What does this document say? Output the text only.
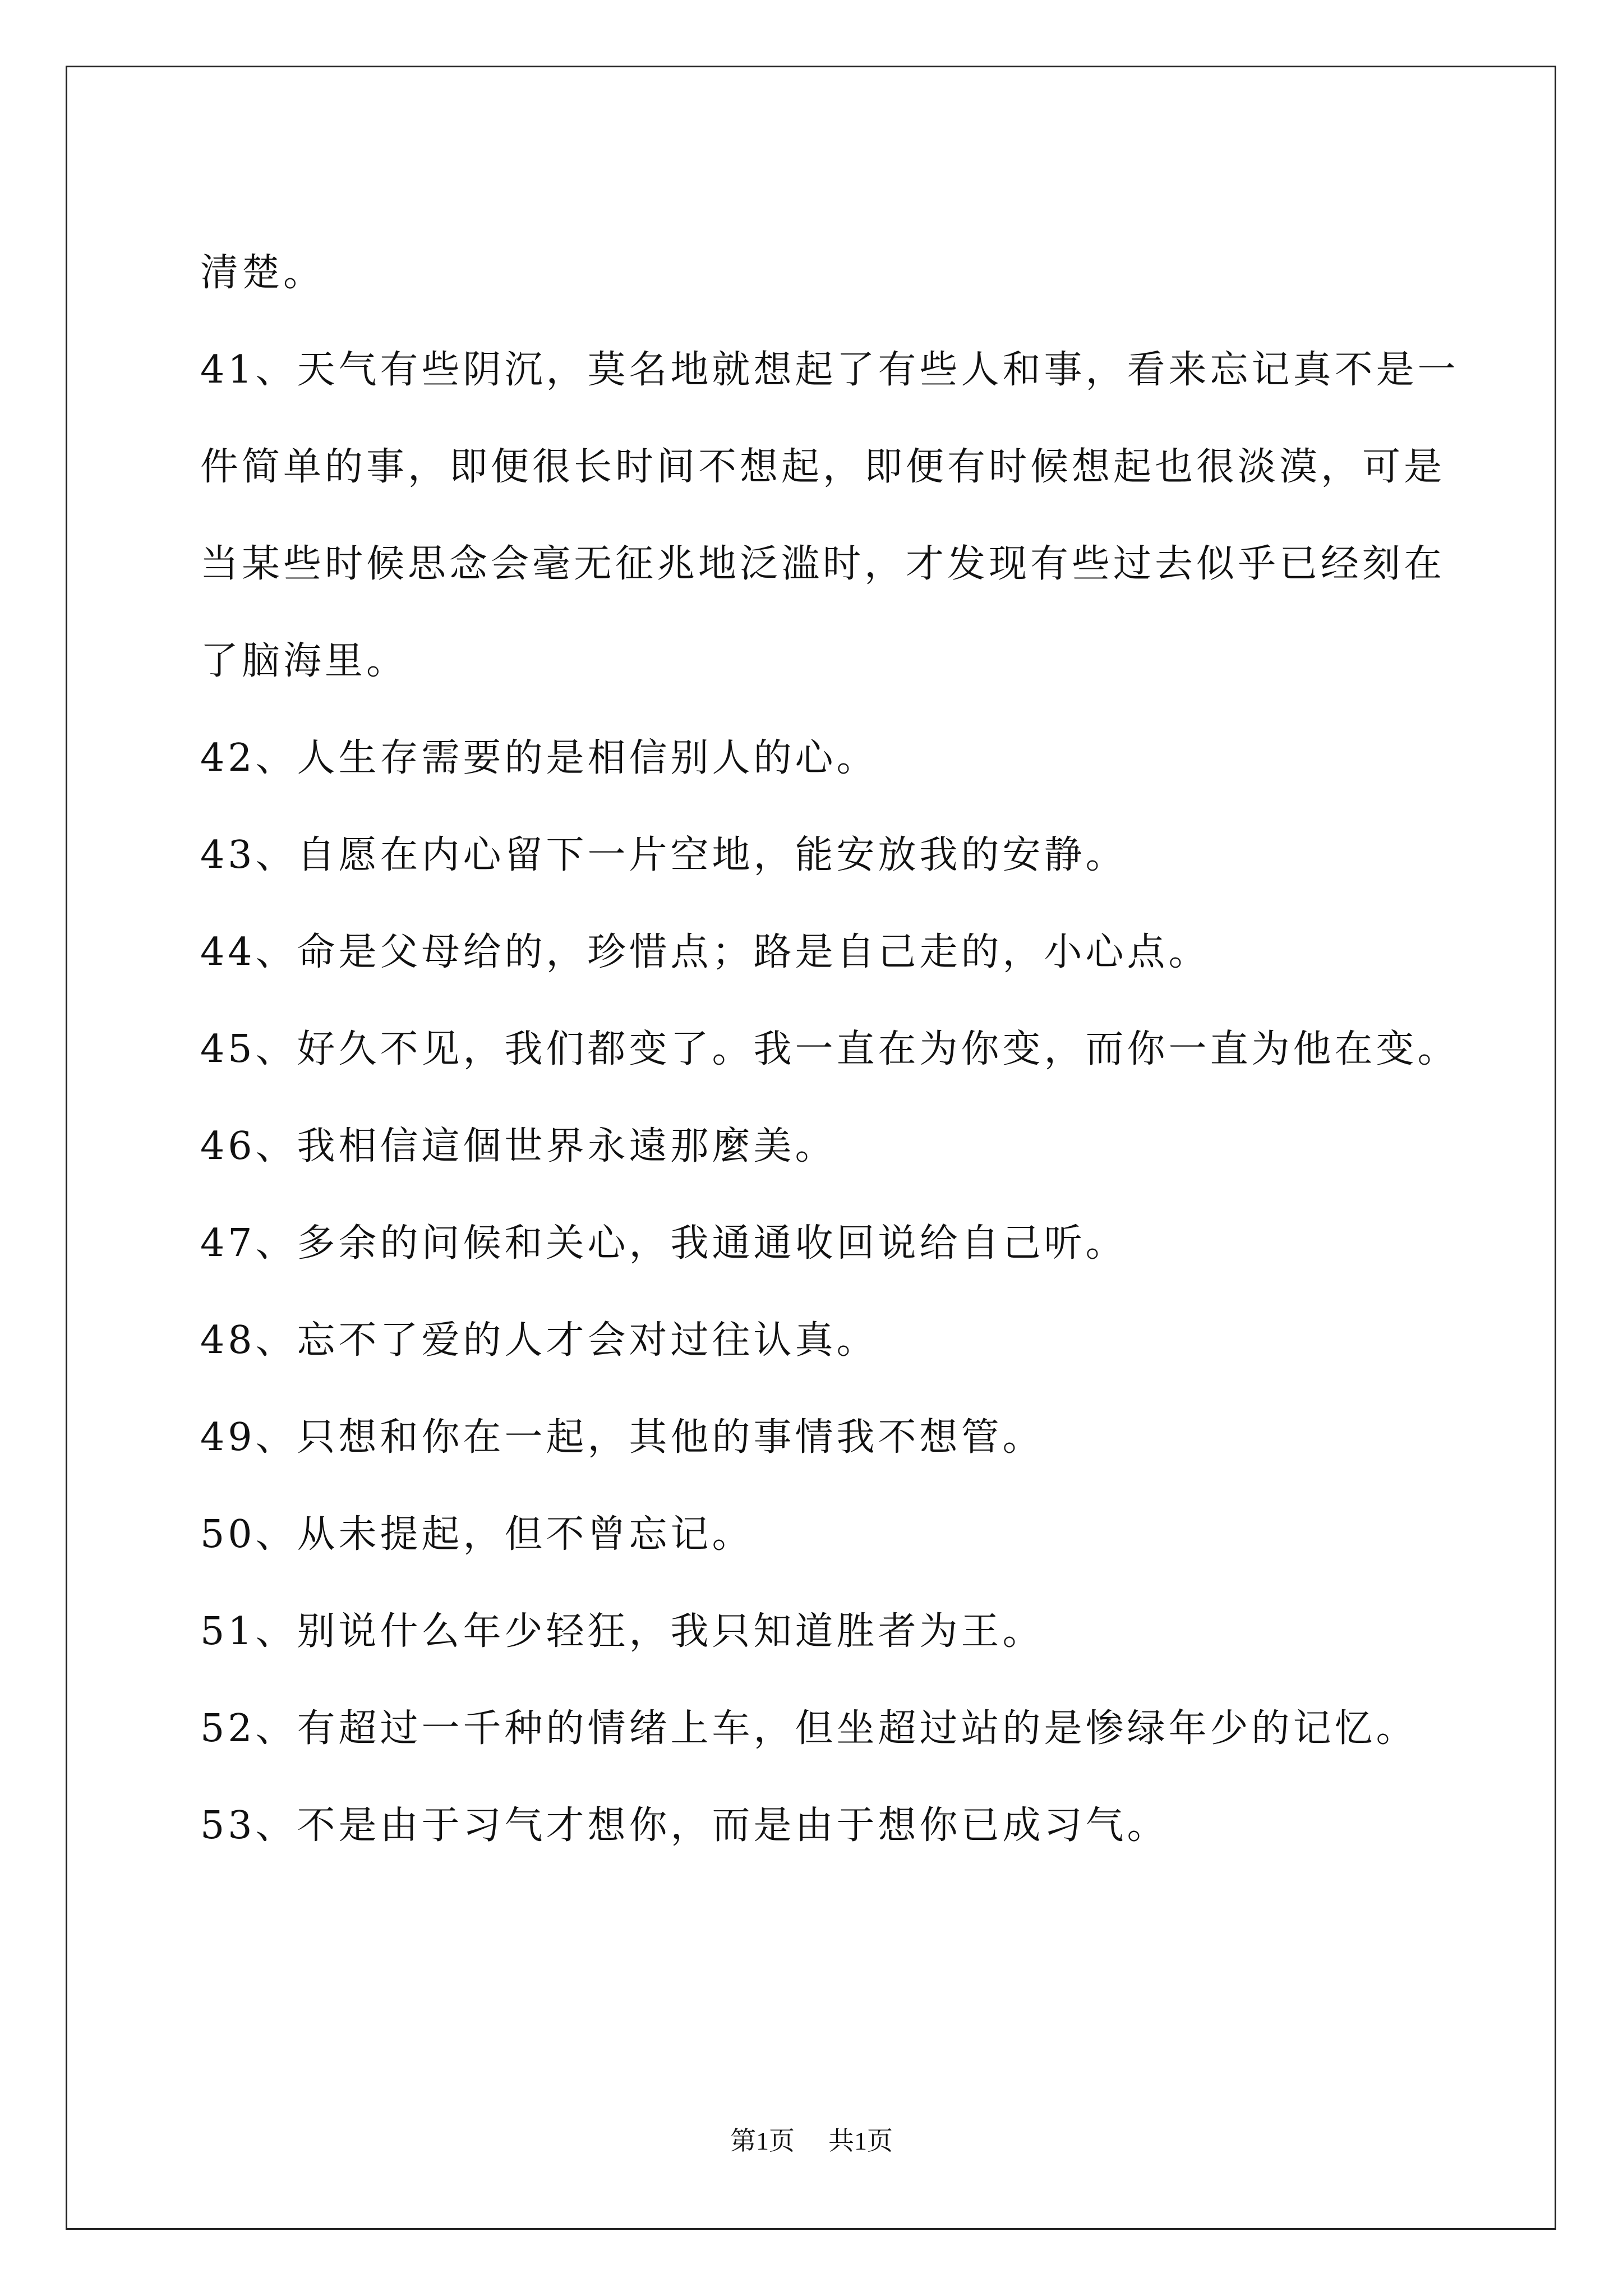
清楚。

41、天气有些阴沉，莫名地就想起了有些人和事，看来忘记真不是一

件简单的事，即便很长时间不想起，即便有时候想起也很淡漠，可是

当某些时候思念会毫无征兆地泛滥时，才发现有些过去似乎已经刻在

了脑海里。

42、人生存需要的是相信别人的心。

43、自愿在内心留下一片空地，能安放我的安静。

44、命是父母给的，珍惜点；路是自己走的，小心点。

45、好久不见，我们都变了。我一直在为你变，而你一直为他在变。

46、我相信這個世界永遠那麼美。

47、多余的问候和关心，我通通收回说给自己听。

48、忘不了爱的人才会对过往认真。

49、只想和你在一起，其他的事情我不想管。

50、从未提起，但不曾忘记。

51、别说什么年少轻狂，我只知道胜者为王。

52、有超过一千种的情绪上车，但坐超过站的是惨绿年少的记忆。

53、不是由于习气才想你，而是由于想你已成习气。

第1页 共1页
